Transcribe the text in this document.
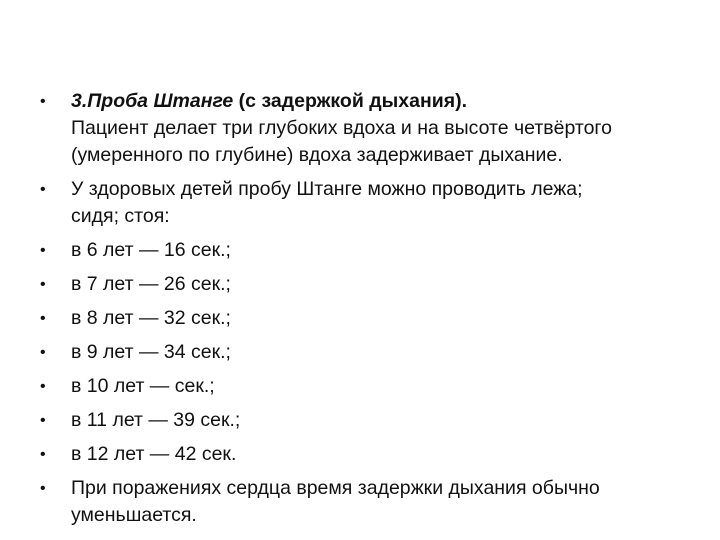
•	3.Проба Штанге (с задержкой дыхания).
Пациент делает три глубоких вдоха и на высоте четвёртого
(умеренного по глубине) вдоха задерживает дыхание.
•	У здоровых детей пробу Штанге можно проводить лежа;
сидя; стоя:
•	в 6 лет — 16 сек.;
•	в 7 лет — 26 сек.;
•	в 8 лет — 32 сек.;
•	в 9 лет — 34 сек.;
•	в 10 лет — сек.;
•	в 11 лет — 39 сек.;
•	в 12 лет — 42 сек.
•	При поражениях сердца время задержки дыхания обычно
уменьшается.
